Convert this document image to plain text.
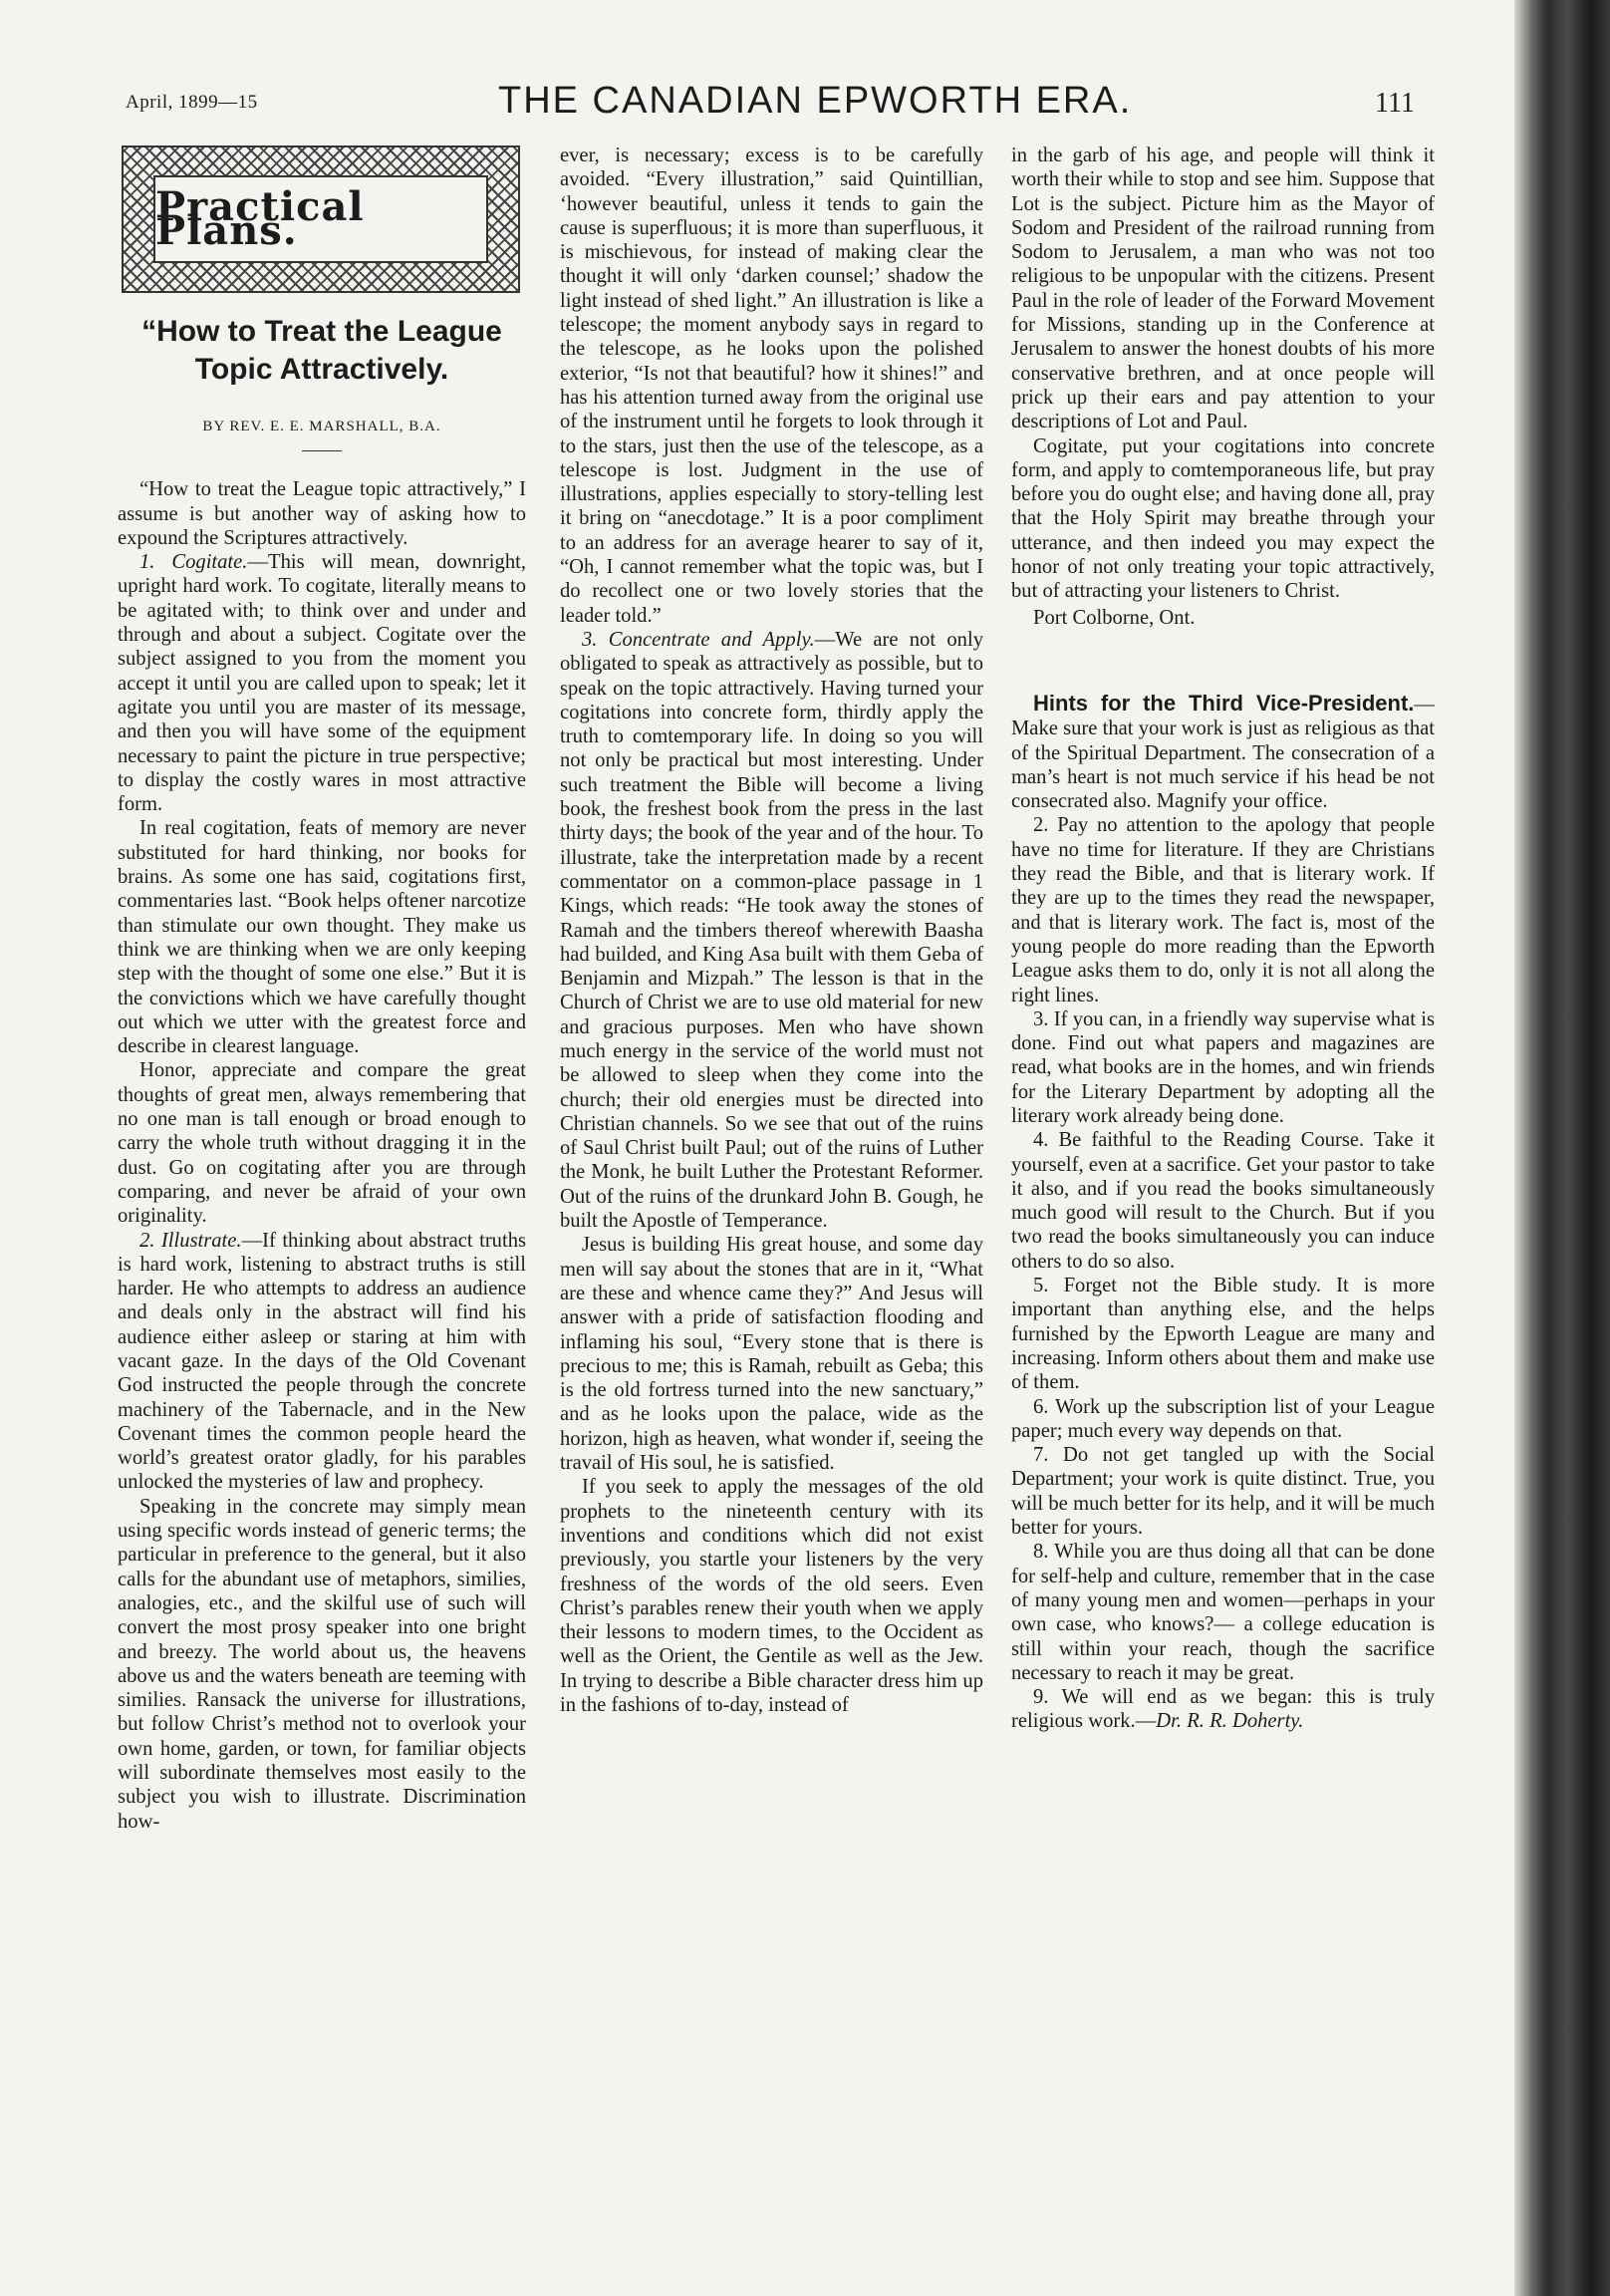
April, 1899—15	THE CANADIAN EPWORTH ERA.	111
Practical Plans.
“How to Treat the League Topic Attractively.
BY REV. E. E. MARSHALL, B.A.

“How to treat the League topic attractively,” I assume is but another way of asking how to expound the Scriptures attractively.

1. Cogitate.—This will mean, downright, upright hard work. To cogitate, literally means to be agitated with; to think over and under and through and about a subject. Cogitate over the subject assigned to you from the moment you accept it until you are called upon to speak; let it agitate you until you are master of its message, and then you will have some of the equipment necessary to paint the picture in true perspective; to display the costly wares in most attractive form.

In real cogitation, feats of memory are never substituted for hard thinking, nor books for brains. As some one has said, cogitations first, commentaries last. “Book helps oftener narcotize than stimulate our own thought. They make us think we are thinking when we are only keeping step with the thought of some one else.” But it is the convictions which we have carefully thought out which we utter with the greatest force and describe in clearest language.

Honor, appreciate and compare the great thoughts of great men, always remembering that no one man is tall enough or broad enough to carry the whole truth without dragging it in the dust. Go on cogitating after you are through comparing, and never be afraid of your own originality.

2. Illustrate.—If thinking about abstract truths is hard work, listening to abstract truths is still harder. He who attempts to address an audience and deals only in the abstract will find his audience either asleep or staring at him with vacant gaze. In the days of the Old Covenant God instructed the people through the concrete machinery of the Tabernacle, and in the New Covenant times the common people heard the world’s greatest orator gladly, for his parables unlocked the mysteries of law and prophecy.

Speaking in the concrete may simply mean using specific words instead of generic terms; the particular in preference to the general, but it also calls for the abundant use of metaphors, similies, analogies, etc., and the skilful use of such will convert the most prosy speaker into one bright and breezy. The world about us, the heavens above us and the waters beneath are teeming with similies. Ransack the universe for illustrations, but follow Christ’s method not to overlook your own home, garden, or town, for familiar objects will subordinate themselves most easily to the subject you wish to illustrate. Discrimination how-

ever, is necessary; excess is to be carefully avoided. “Every illustration,” said Quintillian, ‘however beautiful, unless it tends to gain the cause is superfluous; it is more than superfluous, it is mischievous, for instead of making clear the thought it will only ‘darken counsel;’ shadow the light instead of shed light.” An illustration is like a telescope; the moment anybody says in regard to the telescope, as he looks upon the polished exterior, “Is not that beautiful? how it shines!” and has his attention turned away from the original use of the instrument until he forgets to look through it to the stars, just then the use of the telescope, as a telescope is lost. Judgment in the use of illustrations, applies especially to story-telling lest it bring on “anecdotage.” It is a poor compliment to an address for an average hearer to say of it, “Oh, I cannot remember what the topic was, but I do recollect one or two lovely stories that the leader told.”

3. Concentrate and Apply.—We are not only obligated to speak as attractively as possible, but to speak on the topic attractively. Having turned your cogitations into concrete form, thirdly apply the truth to comtemporary life. In doing so you will not only be practical but most interesting. Under such treatment the Bible will become a living book, the freshest book from the press in the last thirty days; the book of the year and of the hour. To illustrate, take the interpretation made by a recent commentator on a common-place passage in 1 Kings, which reads: “He took away the stones of Ramah and the timbers thereof wherewith Baasha had builded, and King Asa built with them Geba of Benjamin and Mizpah.” The lesson is that in the Church of Christ we are to use old material for new and gracious purposes. Men who have shown much energy in the service of the world must not be allowed to sleep when they come into the church; their old energies must be directed into Christian channels. So we see that out of the ruins of Saul Christ built Paul; out of the ruins of Luther the Monk, he built Luther the Protestant Reformer. Out of the ruins of the drunkard John B. Gough, he built the Apostle of Temperance.

Jesus is building His great house, and some day men will say about the stones that are in it, “What are these and whence came they?” And Jesus will answer with a pride of satisfaction flooding and inflaming his soul, “Every stone that is there is precious to me; this is Ramah, rebuilt as Geba; this is the old fortress turned into the new sanctuary,” and as he looks upon the palace, wide as the horizon, high as heaven, what wonder if, seeing the travail of His soul, he is satisfied.

If you seek to apply the messages of the old prophets to the nineteenth century with its inventions and conditions which did not exist previously, you startle your listeners by the very freshness of the words of the old seers. Even Christ’s parables renew their youth when we apply their lessons to modern times, to the Occident as well as the Orient, the Gentile as well as the Jew. In trying to describe a Bible character dress him up in the fashions of to-day, instead of

in the garb of his age, and people will think it worth their while to stop and see him. Suppose that Lot is the subject. Picture him as the Mayor of Sodom and President of the railroad running from Sodom to Jerusalem, a man who was not too religious to be unpopular with the citizens. Present Paul in the role of leader of the Forward Movement for Missions, standing up in the Conference at Jerusalem to answer the honest doubts of his more conservative brethren, and at once people will prick up their ears and pay attention to your descriptions of Lot and Paul.

Cogitate, put your cogitations into concrete form, and apply to comtemporaneous life, but pray before you do ought else; and having done all, pray that the Holy Spirit may breathe through your utterance, and then indeed you may expect the honor of not only treating your topic attractively, but of attracting your listeners to Christ.

Port Colborne, Ont.

Hints for the Third Vice-President.—Make sure that your work is just as religious as that of the Spiritual Department. The consecration of a man’s heart is not much service if his head be not consecrated also. Magnify your office.

2. Pay no attention to the apology that people have no time for literature. If they are Christians they read the Bible, and that is literary work. If they are up to the times they read the newspaper, and that is literary work. The fact is, most of the young people do more reading than the Epworth League asks them to do, only it is not all along the right lines.

3. If you can, in a friendly way supervise what is done. Find out what papers and magazines are read, what books are in the homes, and win friends for the Literary Department by adopting all the literary work already being done.

4. Be faithful to the Reading Course. Take it yourself, even at a sacrifice. Get your pastor to take it also, and if you read the books simultaneously much good will result to the Church. But if you two read the books simultaneously you can induce others to do so also.

5. Forget not the Bible study. It is more important than anything else, and the helps furnished by the Epworth League are many and increasing. Inform others about them and make use of them.

6. Work up the subscription list of your League paper; much every way depends on that.

7. Do not get tangled up with the Social Department; your work is quite distinct. True, you will be much better for its help, and it will be much better for yours.

8. While you are thus doing all that can be done for self-help and culture, remember that in the case of many young men and women—perhaps in your own case, who knows?— a college education is still within your reach, though the sacrifice necessary to reach it may be great.

9. We will end as we began: this is truly religious work.—Dr. R. R. Doherty.
